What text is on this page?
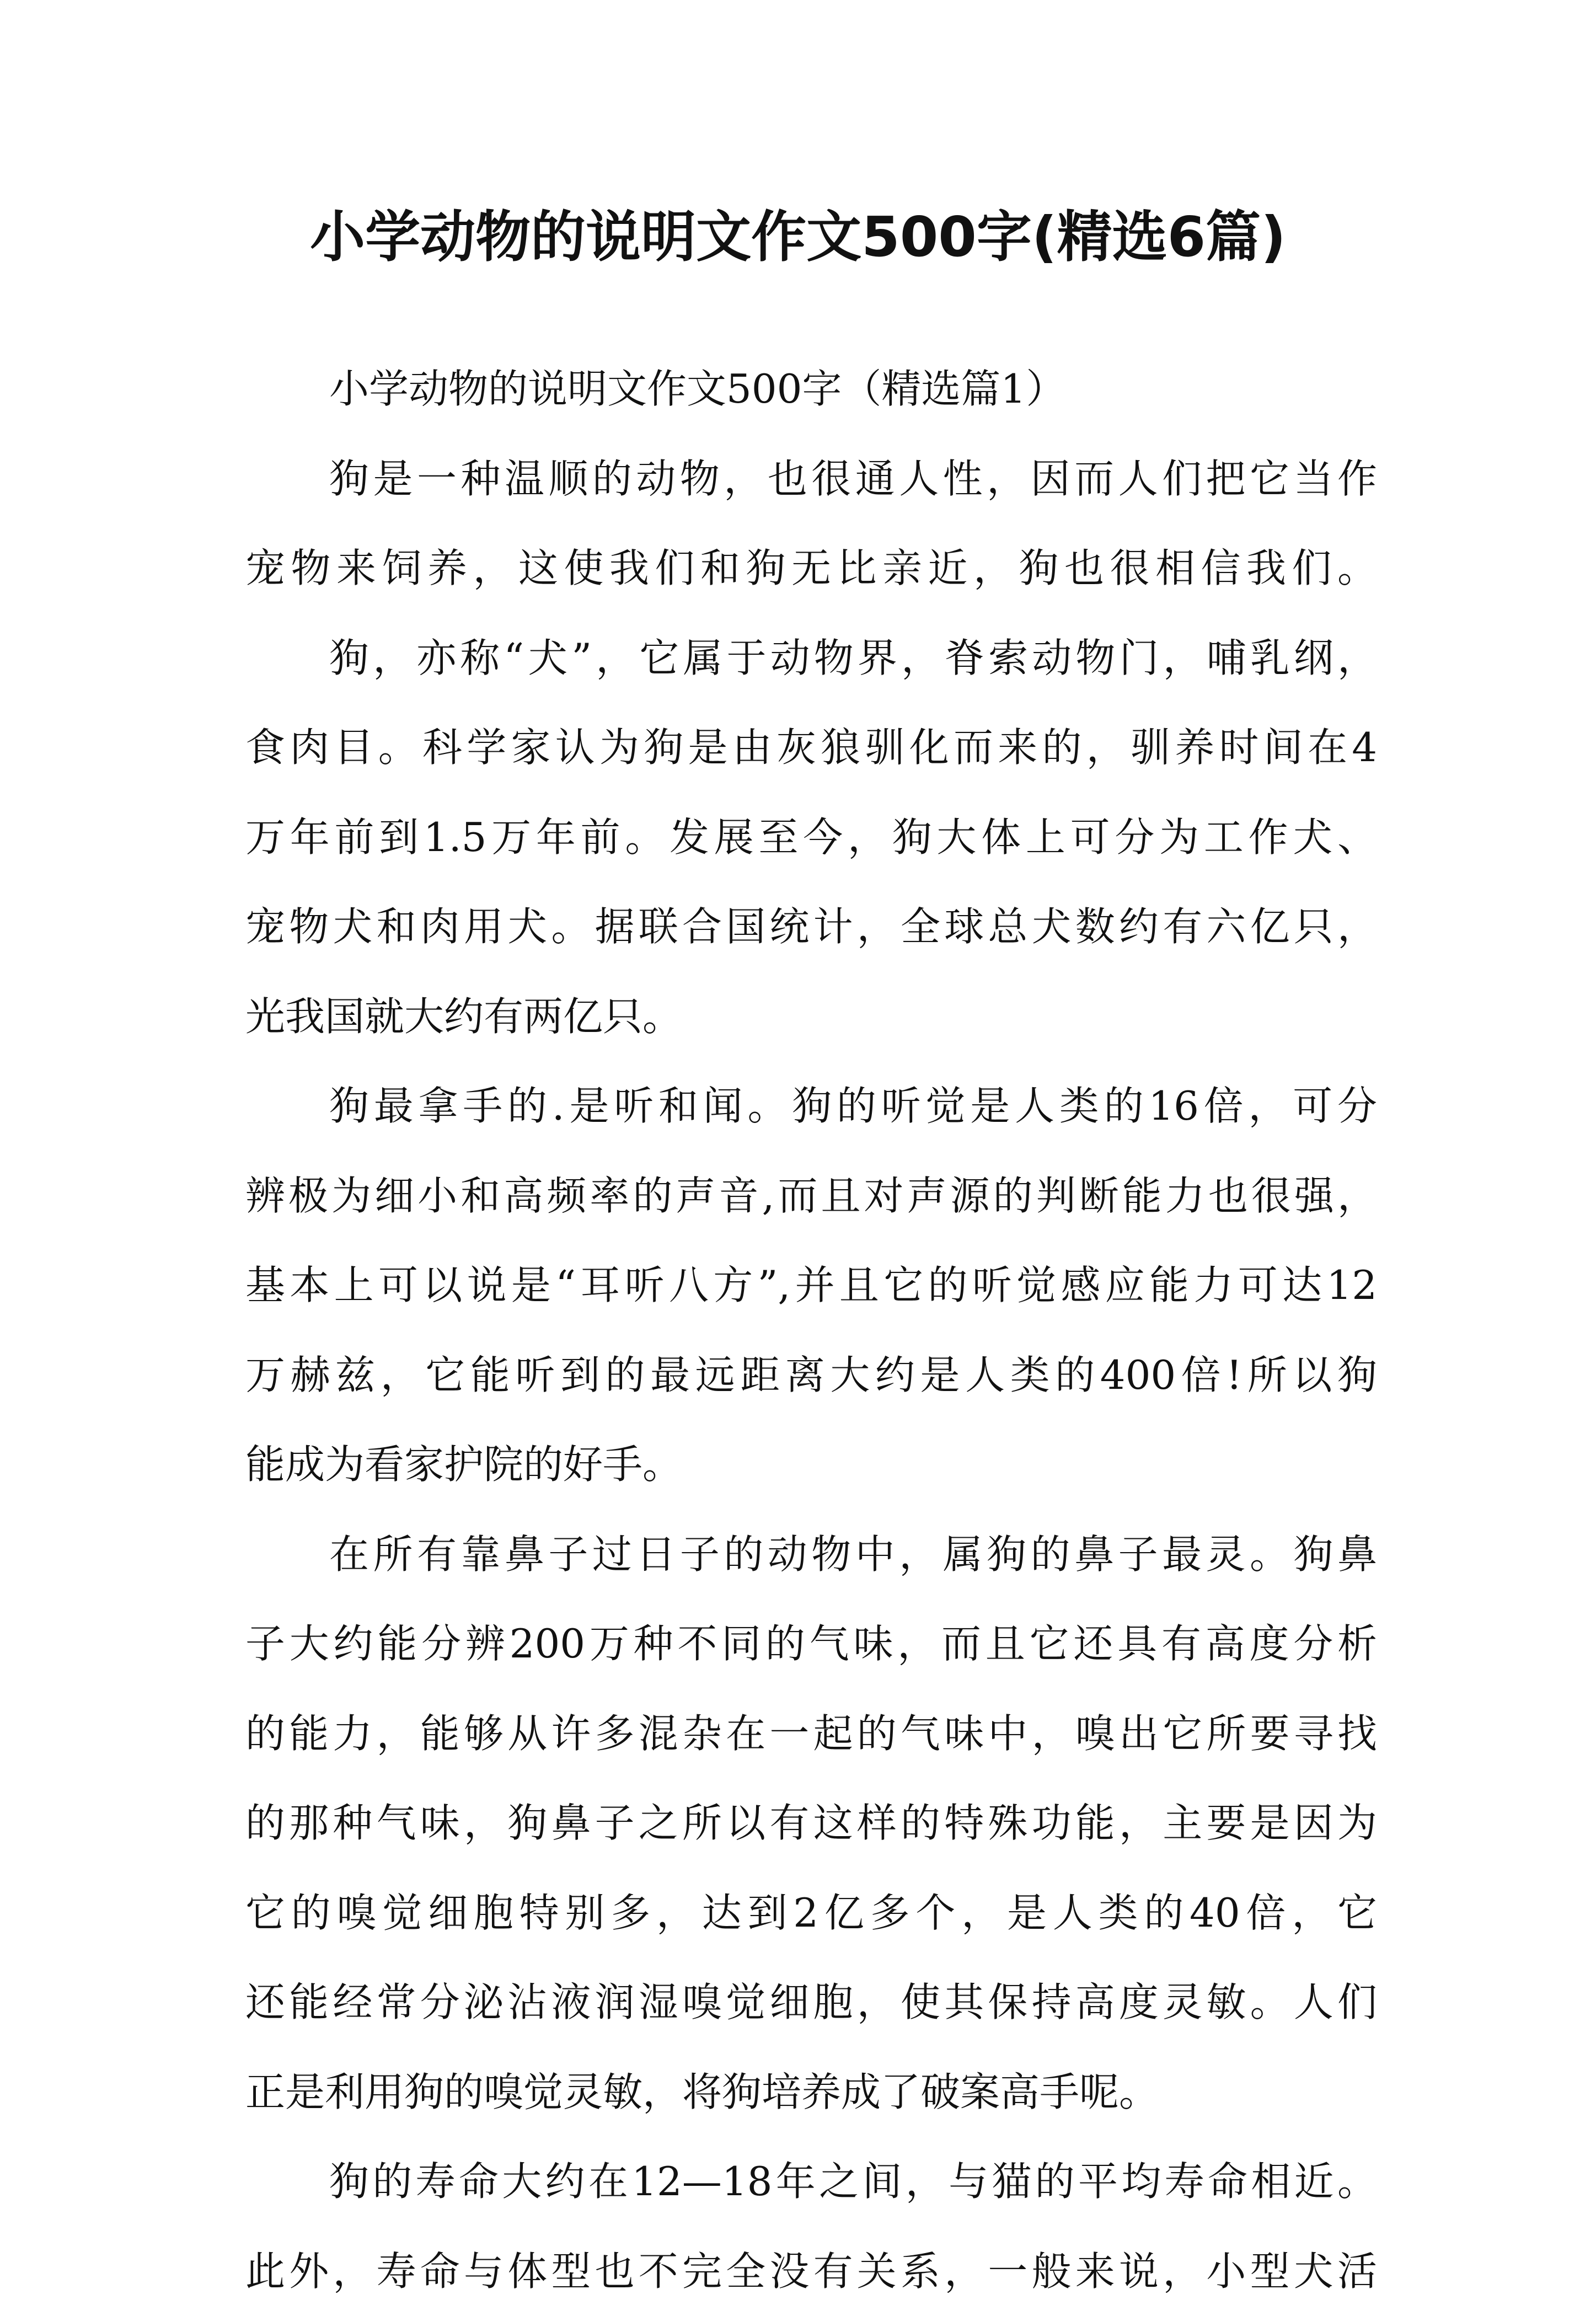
小学动物的说明文作文500字(精选6篇)
小学动物的说明文作文500字（精选篇1）
狗是一种温顺的动物，也很通人性，因而人们把它当作
宠物来饲养，这使我们和狗无比亲近，狗也很相信我们。
狗，亦称“犬”，它属于动物界，脊索动物门，哺乳纲，
食肉目。科学家认为狗是由灰狼驯化而来的，驯养时间在4
万年前到1.5万年前。发展至今，狗大体上可分为工作犬、
宠物犬和肉用犬。据联合国统计，全球总犬数约有六亿只，
光我国就大约有两亿只。
狗最拿手的.是听和闻。狗的听觉是人类的16倍，可分
辨极为细小和高频率的声音,而且对声源的判断能力也很强，
基本上可以说是“耳听八方”,并且它的听觉感应能力可达12
万赫兹，它能听到的最远距离大约是人类的400倍!所以狗
能成为看家护院的好手。
在所有靠鼻子过日子的动物中，属狗的鼻子最灵。狗鼻
子大约能分辨200万种不同的气味，而且它还具有高度分析
的能力，能够从许多混杂在一起的气味中，嗅出它所要寻找
的那种气味，狗鼻子之所以有这样的特殊功能，主要是因为
它的嗅觉细胞特别多，达到2亿多个，是人类的40倍，它
还能经常分泌沾液润湿嗅觉细胞，使其保持高度灵敏。人们
正是利用狗的嗅觉灵敏，将狗培养成了破案高手呢。
狗的寿命大约在12—18年之间，与猫的平均寿命相近。
此外，寿命与体型也不完全没有关系，一般来说，小型犬活
